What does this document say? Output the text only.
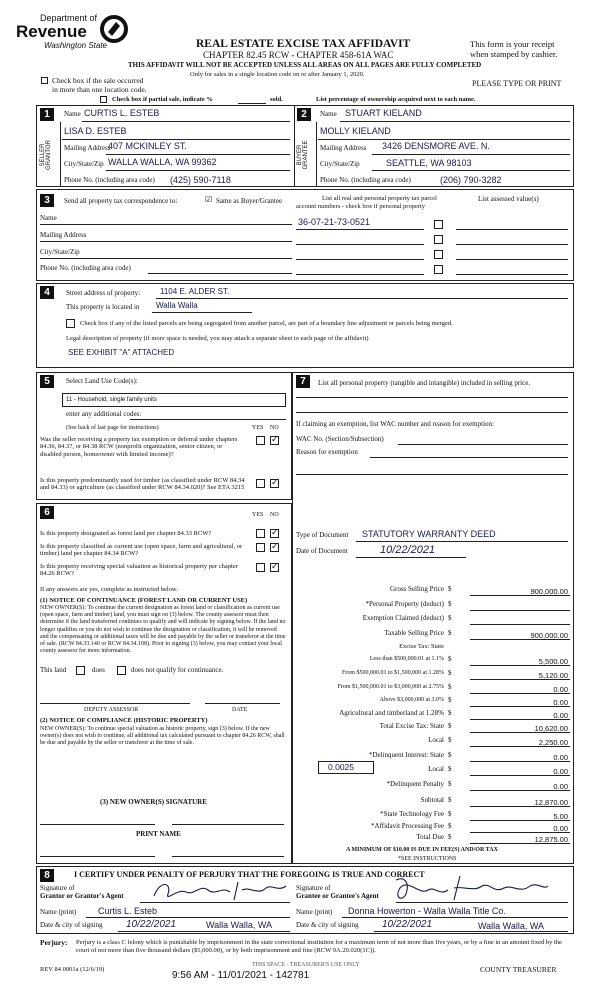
Department of
Revenue
Washington State	REAL ESTATE EXCISE TAX AFFIDAVIT
CHAPTER 82.45 RCW - CHAPTER 458-61A WAC
THIS AFFIDAVIT WILL NOT BE ACCEPTED UNLESS ALL AREAS ON ALL PAGES ARE FULLY COMPLETED
Only for sales in a single location code on or after January 1, 2020.
This form is your receipt
when stamped by cashier.
PLEASE TYPE OR PRINT
Check box if the sale occurred
in more than one location code.
Check box if partial sale, indicate %	sold.	List percentage of ownership acquired next to each name.
1
SELLER
GRANTOR
Name CURTIS L. ESTEB
LISA D. ESTEB
Mailing Address
407 MCKINLEY ST.
City/State/Zip WALLA WALLA, WA 99362
Phone No. (including area code) (425) 590-7118
2
BUYER
GRANTEE
Name STUART KIELAND
MOLLY KIELAND
Mailing Address 3426 DENSMORE AVE. N.
City/State/Zip	SEATTLE, WA 98103
Phone No. (including area code)	(206) 790-3282
3	Send all property tax correspondence to:	☑ Same as Buyer/Grantee	List all real and personal property tax parcel
account numbers - check box if personal property
List assessed value(s)
Name
Mailing Address
City/State/Zip
Phone No. (including area code)
36-07-21-73-0521
4	Street address of property: 1104 E. ALDER ST.
This property is located in Walla Walla
Check box if any of the listed parcels are being segregated from another parcel, are part of a boundary line adjustment or parcels being merged.
Legal description of property (if more space is needed, you may attach a separate sheet to each page of the affidavit)
SEE EXHIBIT "A" ATTACHED
5	Select Land Use Code(s):
11 - Household, single family units
enter any additional codes:
(See back of last page for instructions)	YES NO
Was the seller receiving a property tax exemption or deferral under chapters 84.36, 84.37, or 84.38 RCW (nonprofit organization, senior citizen, or disabled person, homeowner with limited income)?
✓
Is this property predominantly used for timber (as classified under RCW 84.34 and 84.33) or agriculture (as classified under RCW 84.34.020)? See ETA 3215	✓
6	YES NO
Is this property designated as forest land per chapter 84.33 RCW?	✓
Is this property classified as current use (open space, farm and agricultural, or timber) land per chapter 84.34 RCW?
✓
Is this property receiving special valuation as historical property per chapter 84.26 RCW?
✓
If any answers are yes, complete as instructed below.
(1) NOTICE OF CONTINUANCE (FOREST LAND OR CURRENT USE)
NEW OWNER(S): To continue the current designation as forest land or classification as current use (open space, farm and timber) land, you must sign on (3) below. The county assessor must then determine if the land transferred continues to qualify and will indicate by signing below. If the land no longer qualifies or you do not wish to continue the designation or classification, it will be removed and the compensating or additional taxes will be due and payable by the seller or transferor at the time of sale. (RCW 84.33.140 or RCW 84.34.108). Prior to signing (3) below, you may contact your local county assessor for more information.
This land	does	does not qualify for continuance.
DEPUTY ASSESSOR	DATE
(2) NOTICE OF COMPLIANCE (HISTORIC PROPERTY)
NEW OWNER(S): To continue special valuation as historic property, sign (3) below. If the new owner(s) does not wish to continue, all additional tax calculated pursuant to chapter 84.26 RCW, shall be due and payable by the seller or transferor at the time of sale.
(3) NEW OWNER(S) SIGNATURE
PRINT NAME
7	List all personal property (tangible and intangible) included in selling price.
If claiming an exemption, list WAC number and reason for exemption:
WAC No. (Section/Subsection)
Reason for exemption
Type of Document STATUTORY WARRANTY DEED
Date of Document	10/22/2021
Gross Selling Price $	900,000.00
*Personal Property (deduct) $
Exemption Claimed (deduct) $
Taxable Selling Price $	900,000.00
Excise Tax: State
Less than $500,000.01 at 1.1% $	5,500.00
From $500,000.01 to $1,500,000 at 1.28% $	5,120.00
From $1,500,000.01 to $3,000,000 at 2.75% $	0.00
Above $3,000,000 at 3.0% $	0.00
Agricultural and timberland at 1.28% $	0.00
Total Excise Tax: State $	10,620.00
Local $	2,250.00
*Delinquent Interest: State $	0.00
Local $	0.00
*Delinquent Penalty $	0.00
Subtotal $	12,870.00
*State Technology Fee $	5.00
*Affidavit Processing Fee $	0.00
Total Due $	12,875.00
0.0025
A MINIMUM OF $10.00 IS DUE IN FEE(S) AND/OR TAX
*SEE INSTRUCTIONS
8	I CERTIFY UNDER PENALTY OF PERJURY THAT THE FOREGOING IS TRUE AND CORRECT
Signature of
Grantor or Grantor's Agent
Signature of
Grantee or Grantee's Agent
Name (print) Curtis L. Esteb	Name (print) Donna Howerton - Walla Walla Title Co.
Date & city of signing 10/22/2021	Walla Walla, WA	Date & city of signing 10/22/2021	Walla Walla, WA
Perjury: Perjury is a class C felony which is punishable by imprisonment in the state correctional institution for a maximum term of not more than five years, or by a fine in an amount fixed by the court of not more than five thousand dollars ($5,000.00), or by both imprisonment and fine (RCW 9A.20.020(1C)).
REV 84 0001a (12/6/19)
THIS SPACE - TREASURER'S USE ONLY
9:56 AM - 11/01/2021 - 142781
COUNTY TREASURER
